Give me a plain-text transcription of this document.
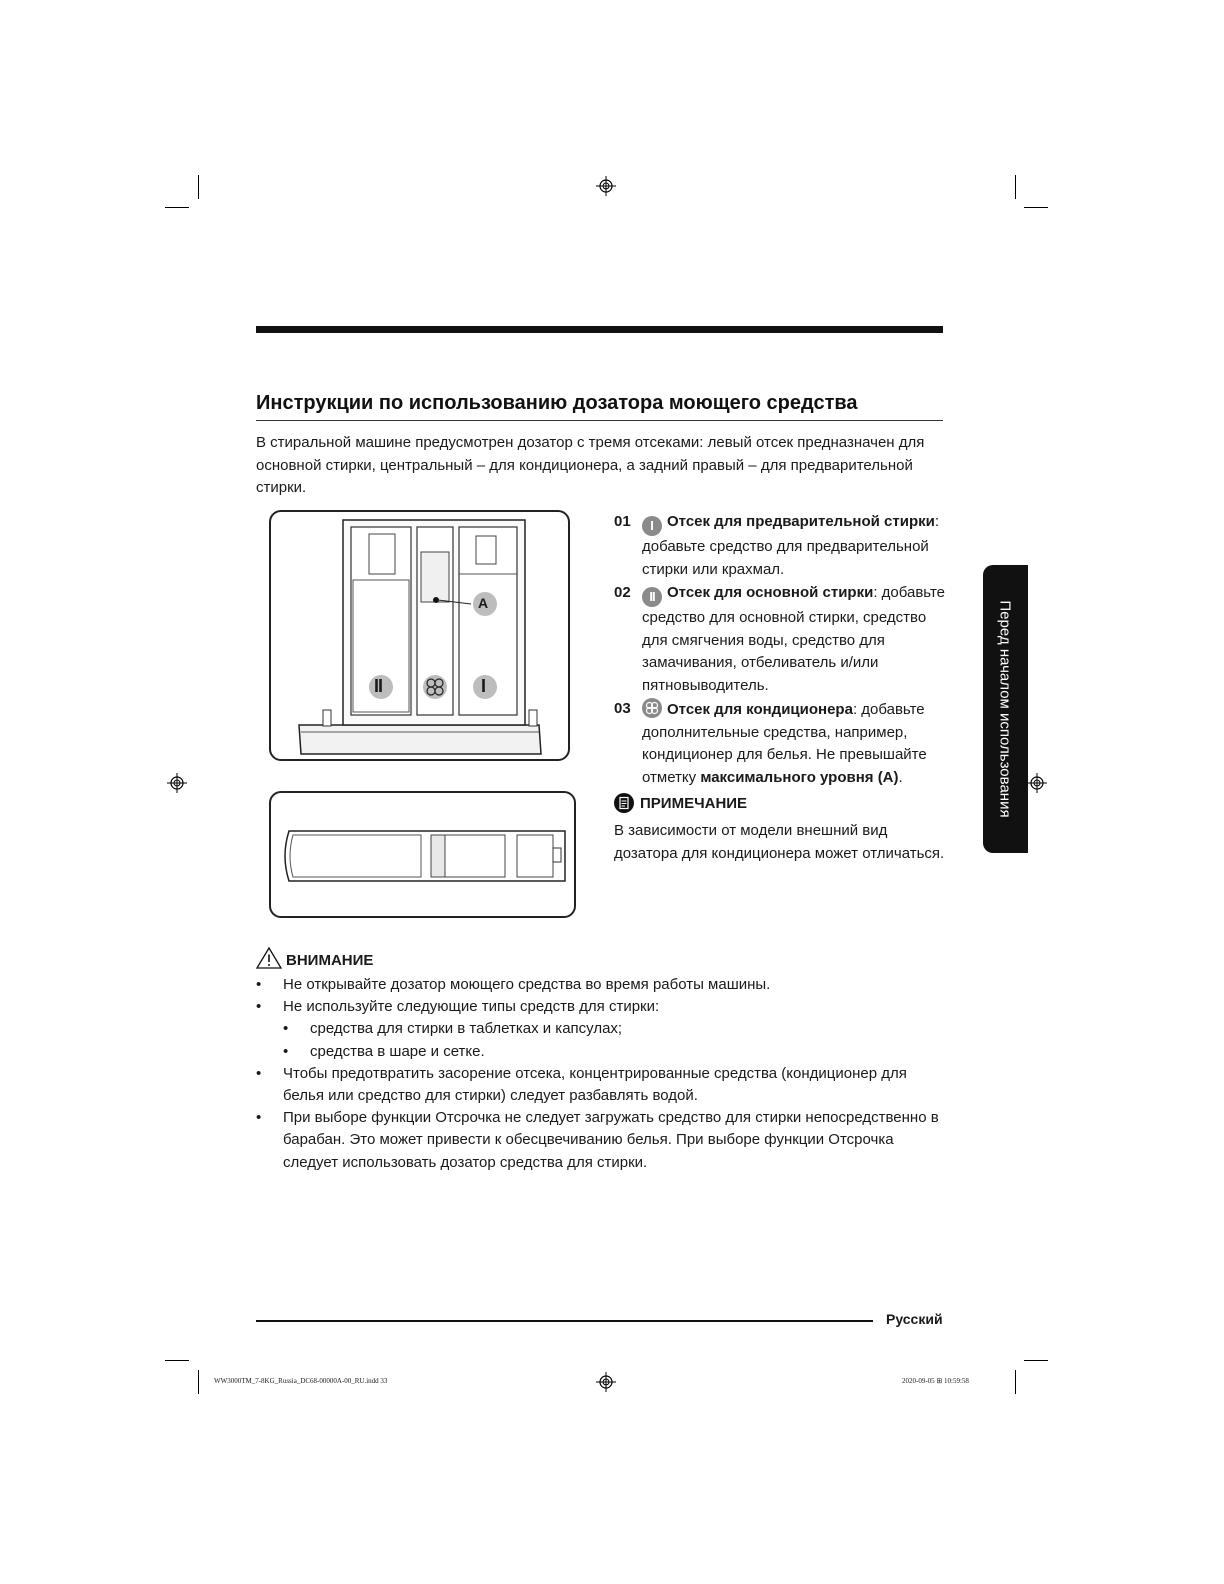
Инструкции по использованию дозатора моющего средства
В стиральной машине предусмотрен дозатор с тремя отсеками: левый отсек предназначен для основной стирки, центральный – для кондиционера, а задний правый – для предварительной стирки.
A
II	I
01 I Отсек для предварительной стирки: добавьте средство для предварительной стирки или крахмал.
02 II Отсек для основной стирки: добавьте средство для основной стирки, средство для смягчения воды, средство для замачивания, отбеливатель и/или пятновыводитель.
03 Отсек для кондиционера: добавьте дополнительные средства, например, кондиционер для белья. Не превышайте отметку максимального уровня (A).
ПРИМЕЧАНИЕ
В зависимости от модели внешний вид дозатора для кондиционера может отличаться.
ВНИМАНИЕ
• Не открывайте дозатор моющего средства во время работы машины.
• Не используйте следующие типы средств для стирки:
• средства для стирки в таблетках и капсулах;
• средства в шаре и сетке.
• Чтобы предотвратить засорение отсека, концентрированные средства (кондиционер для белья или средство для стирки) следует разбавлять водой.
• При выборе функции Отсрочка не следует загружать средство для стирки непосредственно в барабан. Это может привести к обесцвечиванию белья. При выборе функции Отсрочка следует использовать дозатор средства для стирки.
Перед началом использования
Русский
WW3000TM_7-8KG_Russia_DC68-00000A-00_RU.indd 33	2020-09-05 ⊞ 10:59:58
